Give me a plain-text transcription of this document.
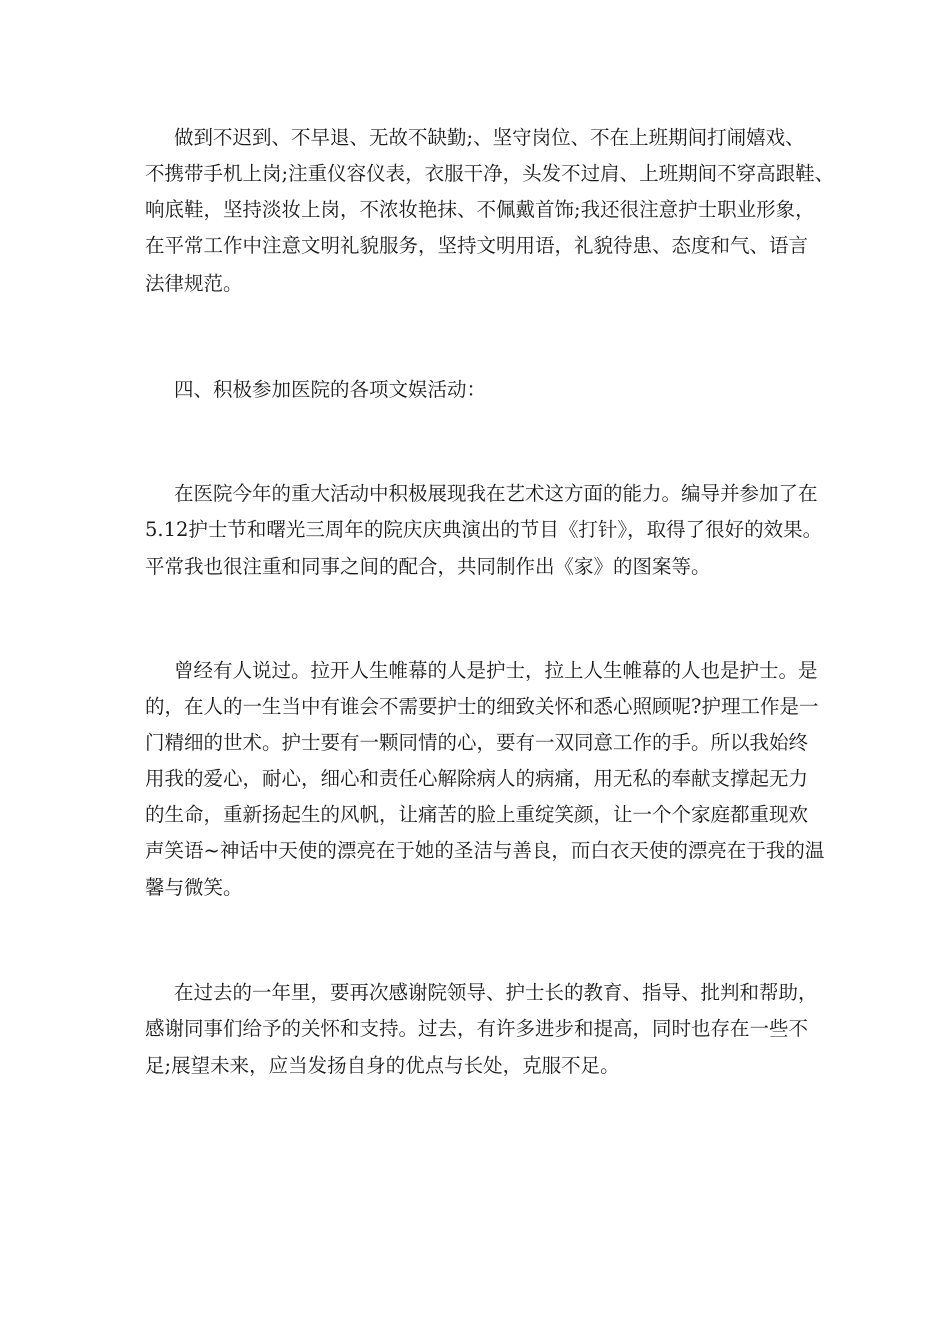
做到不迟到、不早退、无故不缺勤;、坚守岗位、不在上班期间打闹嬉戏、
不携带手机上岗;注重仪容仪表，衣服干净，头发不过肩、上班期间不穿高跟鞋、
响底鞋，坚持淡妆上岗，不浓妆艳抹、不佩戴首饰;我还很注意护士职业形象，
在平常工作中注意文明礼貌服务，坚持文明用语，礼貌待患、态度和气、语言
法律规范。
四、积极参加医院的各项文娱活动：
在医院今年的重大活动中积极展现我在艺术这方面的能力。编导并参加了在
5.12护士节和曙光三周年的院庆庆典演出的节目《打针》，取得了很好的效果。
平常我也很注重和同事之间的配合，共同制作出《家》的图案等。
曾经有人说过。拉开人生帷幕的人是护士，拉上人生帷幕的人也是护士。是
的，在人的一生当中有谁会不需要护士的细致关怀和悉心照顾呢?护理工作是一
门精细的世术。护士要有一颗同情的心，要有一双同意工作的手。所以我始终
用我的爱心，耐心，细心和责任心解除病人的病痛，用无私的奉献支撑起无力
的生命，重新扬起生的风帆，让痛苦的脸上重绽笑颜，让一个个家庭都重现欢
声笑语~神话中天使的漂亮在于她的圣洁与善良，而白衣天使的漂亮在于我的温
馨与微笑。
在过去的一年里，要再次感谢院领导、护士长的教育、指导、批判和帮助，
感谢同事们给予的关怀和支持。过去，有许多进步和提高，同时也存在一些不
足;展望未来，应当发扬自身的优点与长处，克服不足。
